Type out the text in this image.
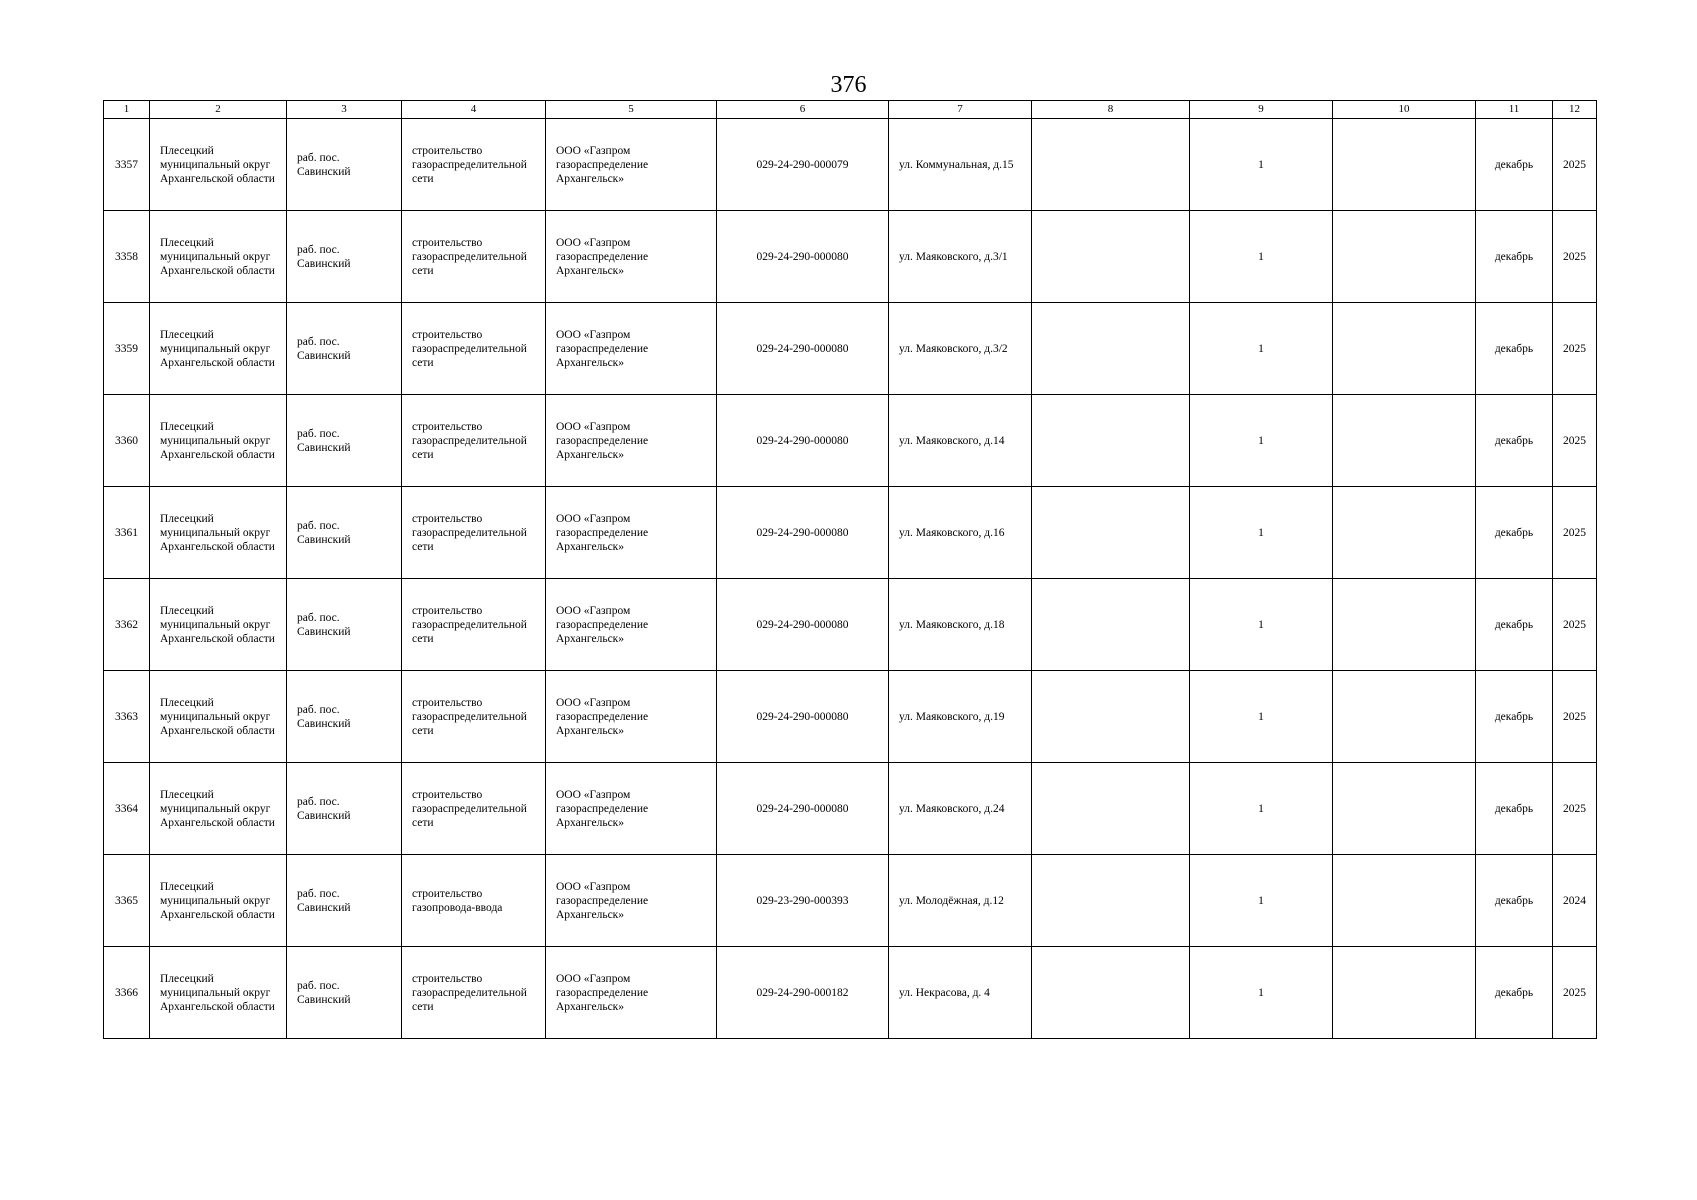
376
1	2	3	4	5	6	7	8	9	10	11	12
3357	Плесецкий муниципальный округ Архангельской области	раб. пос. Савинский	строительство газораспределительной сети	ООО «Газпром газораспределение Архангельск»	029-24-290-000079	ул. Коммунальная, д.15		1		декабрь	2025
3358	Плесецкий муниципальный округ Архангельской области	раб. пос. Савинский	строительство газораспределительной сети	ООО «Газпром газораспределение Архангельск»	029-24-290-000080	ул. Маяковского, д.3/1		1		декабрь	2025
3359	Плесецкий муниципальный округ Архангельской области	раб. пос. Савинский	строительство газораспределительной сети	ООО «Газпром газораспределение Архангельск»	029-24-290-000080	ул. Маяковского, д.3/2		1		декабрь	2025
3360	Плесецкий муниципальный округ Архангельской области	раб. пос. Савинский	строительство газораспределительной сети	ООО «Газпром газораспределение Архангельск»	029-24-290-000080	ул. Маяковского, д.14		1		декабрь	2025
3361	Плесецкий муниципальный округ Архангельской области	раб. пос. Савинский	строительство газораспределительной сети	ООО «Газпром газораспределение Архангельск»	029-24-290-000080	ул. Маяковского, д.16		1		декабрь	2025
3362	Плесецкий муниципальный округ Архангельской области	раб. пос. Савинский	строительство газораспределительной сети	ООО «Газпром газораспределение Архангельск»	029-24-290-000080	ул. Маяковского, д.18		1		декабрь	2025
3363	Плесецкий муниципальный округ Архангельской области	раб. пос. Савинский	строительство газораспределительной сети	ООО «Газпром газораспределение Архангельск»	029-24-290-000080	ул. Маяковского, д.19		1		декабрь	2025
3364	Плесецкий муниципальный округ Архангельской области	раб. пос. Савинский	строительство газораспределительной сети	ООО «Газпром газораспределение Архангельск»	029-24-290-000080	ул. Маяковского, д.24		1		декабрь	2025
3365	Плесецкий муниципальный округ Архангельской области	раб. пос. Савинский	строительство газопровода-ввода	ООО «Газпром газораспределение Архангельск»	029-23-290-000393	ул. Молодёжная, д.12		1		декабрь	2024
3366	Плесецкий муниципальный округ Архангельской области	раб. пос. Савинский	строительство газораспределительной сети	ООО «Газпром газораспределение Архангельск»	029-24-290-000182	ул. Некрасова, д. 4		1		декабрь	2025
